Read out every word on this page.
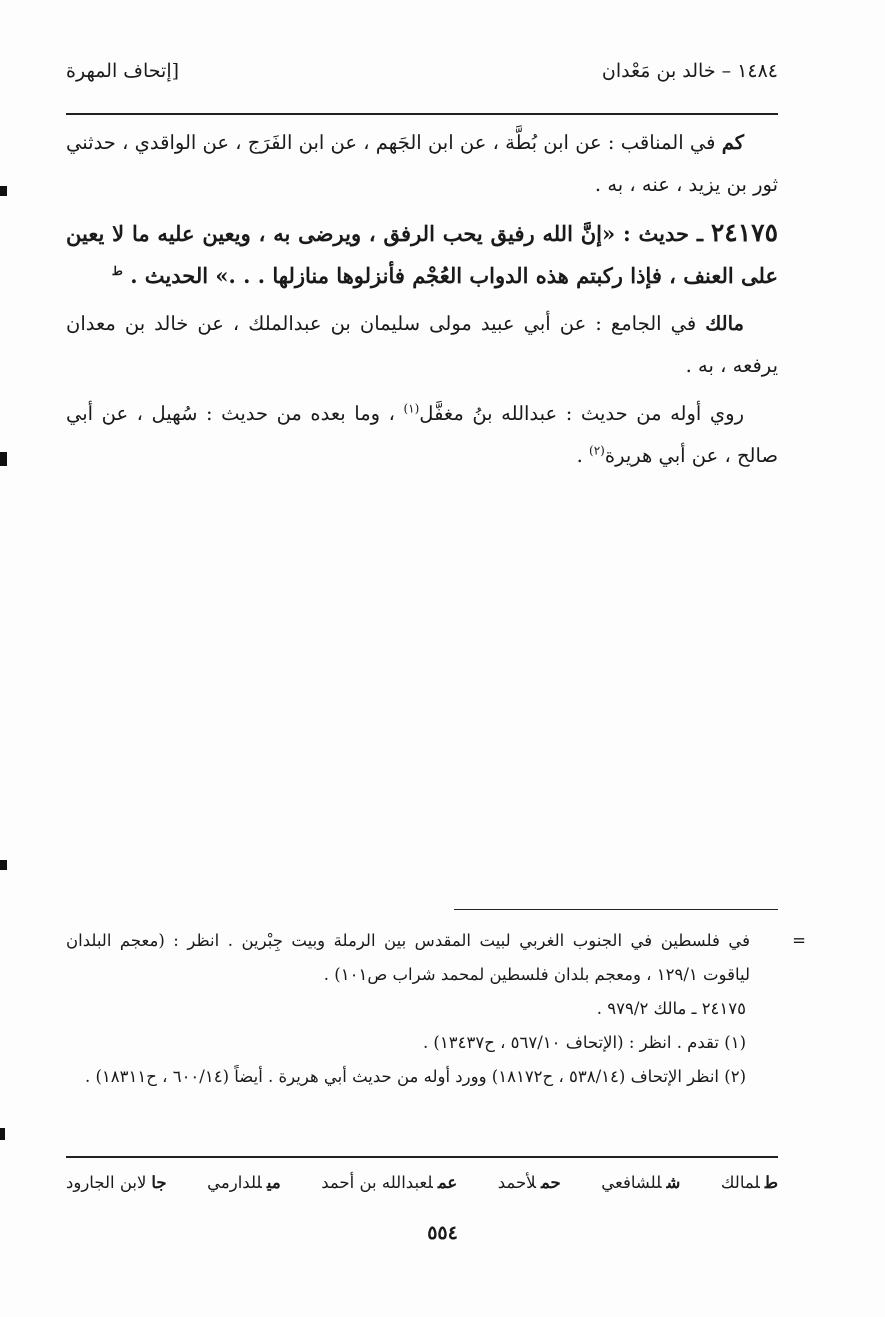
١٤٨٤ – خالد بن مَعْدان
[إتحاف المهرة

كم في المناقب : عن ابن بُطَّة ، عن ابن الجَهم ، عن ابن الفَرَج ، عن الواقدي ، حدثني ثور بن يزيد ، عنه ، به .

٢٤١٧٥ ـ حديث : «إنَّ الله رفيق يحب الرفق ، ويرضى به ، ويعين عليه ما لا يعين على العنف ، فإذا ركبتم هذه الدواب العُجْم فأنزلوها منازلها . . .» الحديث . $^ط$

مالك في الجامع : عن أبي عبيد مولى سليمان بن عبدالملك ، عن خالد بن معدان يرفعه ، به .

روي أوله من حديث : عبدالله بنُ مغفَّل$^{(١)}$ ، وما بعده من حديث : سُهيل ، عن أبي صالح ، عن أبي هريرة$^{(٢)}$ .

=
في فلسطين في الجنوب الغربي لبيت المقدس بين الرملة وبيت جِبْرين . انظر : (معجم البلدان لياقوت ١٢٩/١ ، ومعجم بلدان فلسطين لمحمد شراب ص١٠١) .

٢٤١٧٥ ـ مالك ٩٧٩/٢ .

(١) تقدم . انظر : (الإتحاف ٥٦٧/١٠ ، ح١٣٤٣٧) .

(٢) انظر الإتحاف (٥٣٨/١٤ ، ح١٨١٧٢) وورد أوله من حديث أبي هريرة . أيضاً (٦٠٠/١٤ ، ح١٨٣١١) .

طلمالك
شللشافعي
حملأحمد
عملعبدالله بن أحمد
ميللدارمي
جالابن الجارود
٥٥٤
